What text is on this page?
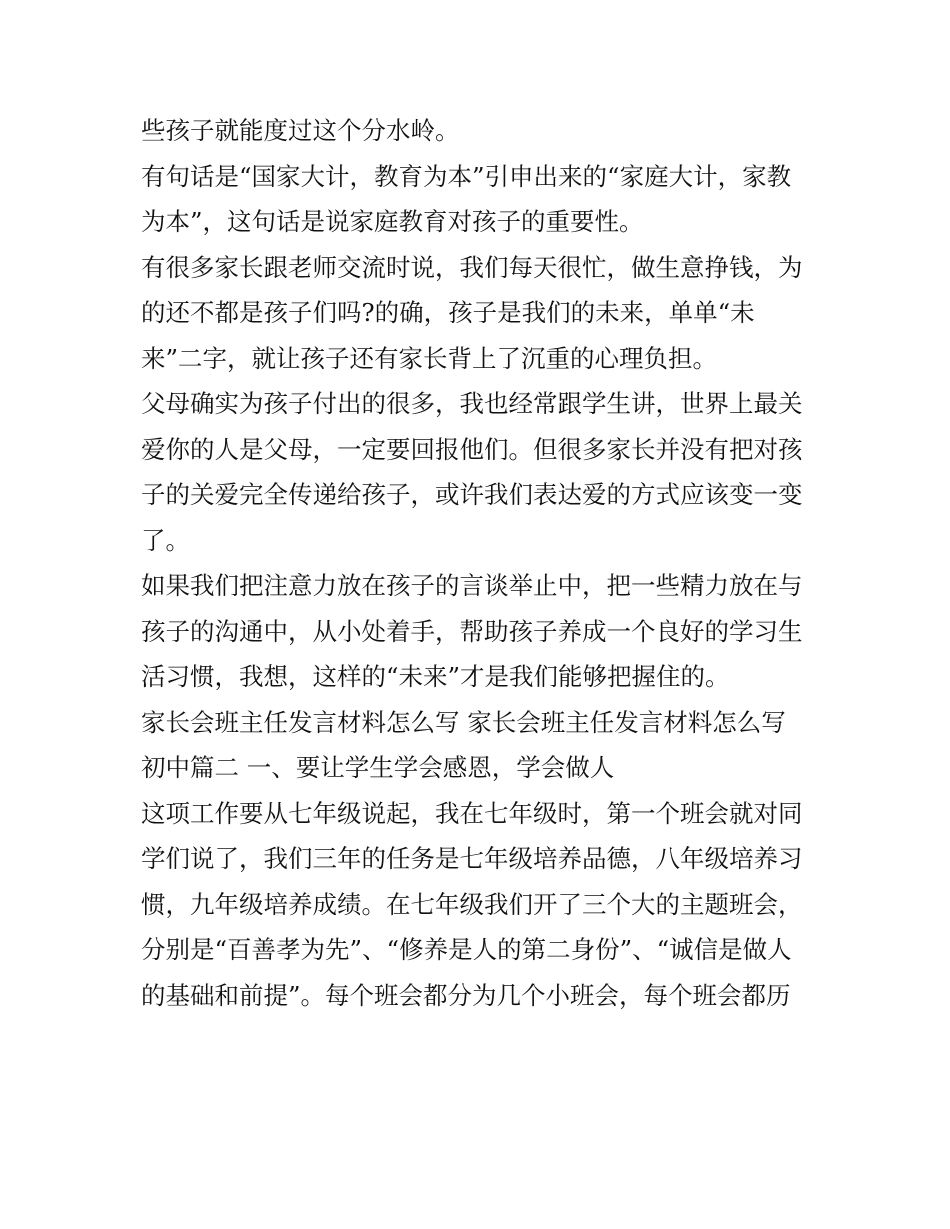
些孩子就能度过这个分水岭。
有句话是“国家大计，教育为本”引申出来的“家庭大计，家教
为本”，这句话是说家庭教育对孩子的重要性。
有很多家长跟老师交流时说，我们每天很忙，做生意挣钱，为
的还不都是孩子们吗?的确，孩子是我们的未来，单单“未
来”二字，就让孩子还有家长背上了沉重的心理负担。
父母确实为孩子付出的很多，我也经常跟学生讲，世界上最关
爱你的人是父母，一定要回报他们。但很多家长并没有把对孩
子的关爱完全传递给孩子，或许我们表达爱的方式应该变一变
了。
如果我们把注意力放在孩子的言谈举止中，把一些精力放在与
孩子的沟通中，从小处着手，帮助孩子养成一个良好的学习生
活习惯，我想，这样的“未来”才是我们能够把握住的。
家长会班主任发言材料怎么写 家长会班主任发言材料怎么写
初中篇二 一、要让学生学会感恩，学会做人
这项工作要从七年级说起，我在七年级时，第一个班会就对同
学们说了，我们三年的任务是七年级培养品德，八年级培养习
惯，九年级培养成绩。在七年级我们开了三个大的主题班会，
分别是“百善孝为先”、“修养是人的第二身份”、“诚信是做人
的基础和前提”。每个班会都分为几个小班会，每个班会都历
